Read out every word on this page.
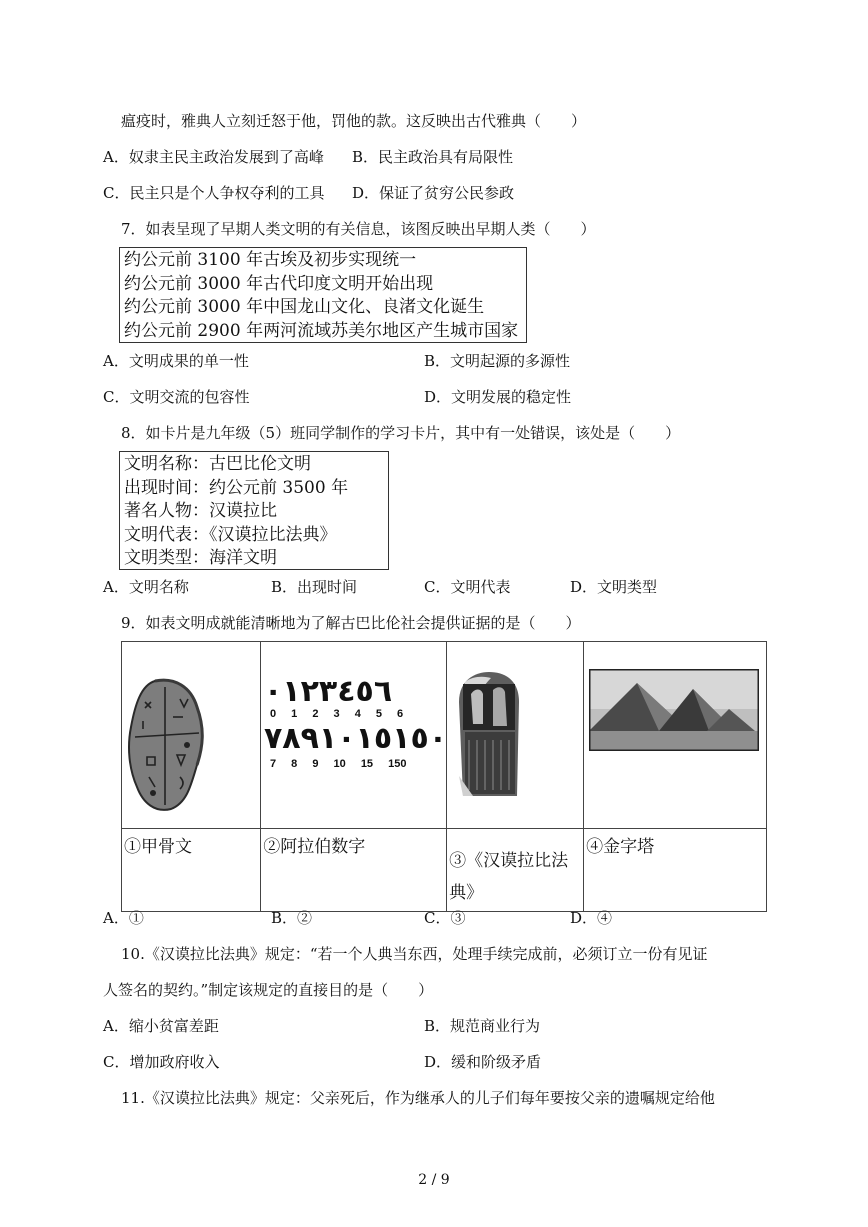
瘟疫时，雅典人立刻迁怒于他，罚他的款。这反映出古代雅典（　　）
A．奴隶主民主政治发展到了高峰 B．民主政治具有局限性
C．民主只是个人争权夺利的工具 D．保证了贫穷公民参政
7．如表呈现了早期人类文明的有关信息，该图反映出早期人类（　　）
约公元前 3100 年古埃及初步实现统一
约公元前 3000 年古代印度文明开始出现
约公元前 3000 年中国龙山文化、良渚文化诞生
约公元前 2900 年两河流域苏美尔地区产生城市国家
A．文明成果的单一性	B．文明起源的多源性
C．文明交流的包容性	D．文明发展的稳定性
8．如卡片是九年级（5）班同学制作的学习卡片，其中有一处错误，该处是（　　）
文明名称：古巴比伦文明
出现时间：约公元前 3500 年
著名人物：汉谟拉比
文明代表：《汉谟拉比法典》
文明类型：海洋文明
A．文明名称	B．出现时间	C．文明代表	D．文明类型
9．如表文明成就能清晰地为了解古巴比伦社会提供证据的是（　　）

①甲骨文	②阿拉伯数字	③《汉谟拉比法典》	④金字塔
٠١٢٣٤٥٦
0 1 2 3 4 5 6
٧٨٩١٠١٥١٥٠
7 8 9 10 15 150
A．①	B．②	C．③	D．④
10.《汉谟拉比法典》规定：“若一个人典当东西，处理手续完成前，必须订立一份有见证
人签名的契约。”制定该规定的直接目的是（　　）
A．缩小贫富差距	B．规范商业行为
C．增加政府收入	D．缓和阶级矛盾
11.《汉谟拉比法典》规定：父亲死后，作为继承人的儿子们每年要按父亲的遗嘱规定给他
2 / 9
